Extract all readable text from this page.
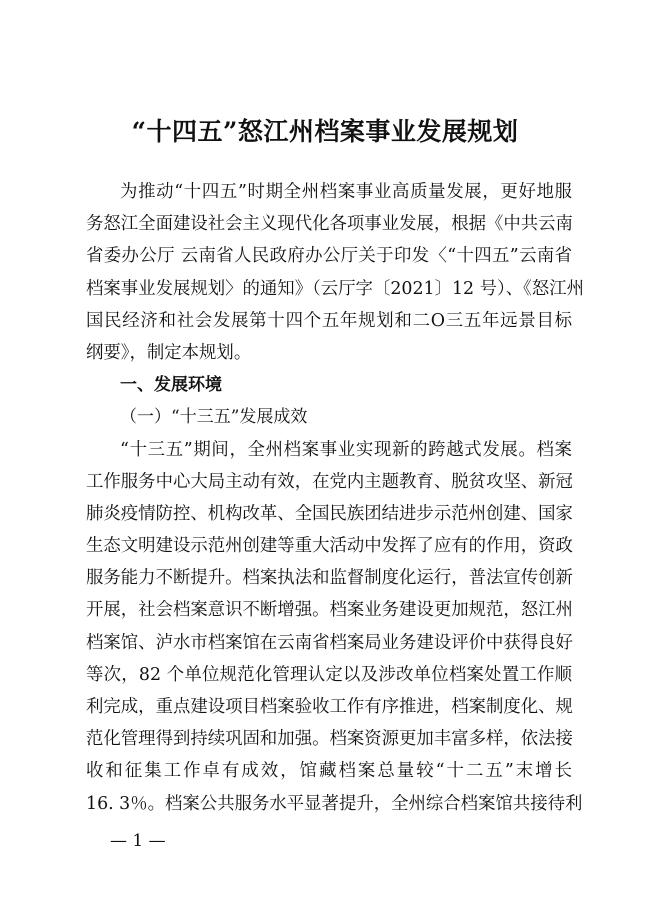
“十四五”怒江州档案事业发展规划
为推动“十四五”时期全州档案事业高质量发展，更好地服
务怒江全面建设社会主义现代化各项事业发展，根据《中共云南
省委办公厅 云南省人民政府办公厅关于印发〈“十四五”云南省
档案事业发展规划〉的通知》（云厅字〔2021〕12 号）、《怒江州
国民经济和社会发展第十四个五年规划和二O三五年远景目标
纲要》，制定本规划。
一、发展环境
（一）“十三五”发展成效
“十三五”期间，全州档案事业实现新的跨越式发展。档案
工作服务中心大局主动有效，在党内主题教育、脱贫攻坚、新冠
肺炎疫情防控、机构改革、全国民族团结进步示范州创建、国家
生态文明建设示范州创建等重大活动中发挥了应有的作用，资政
服务能力不断提升。档案执法和监督制度化运行，普法宣传创新
开展，社会档案意识不断增强。档案业务建设更加规范，怒江州
档案馆、泸水市档案馆在云南省档案局业务建设评价中获得良好
等次，82 个单位规范化管理认定以及涉改单位档案处置工作顺
利完成，重点建设项目档案验收工作有序推进，档案制度化、规
范化管理得到持续巩固和加强。档案资源更加丰富多样，依法接
收和征集工作卓有成效，馆藏档案总量较“十二五”末增长
16. 3％。档案公共服务水平显著提升，全州综合档案馆共接待利
— 1 —
